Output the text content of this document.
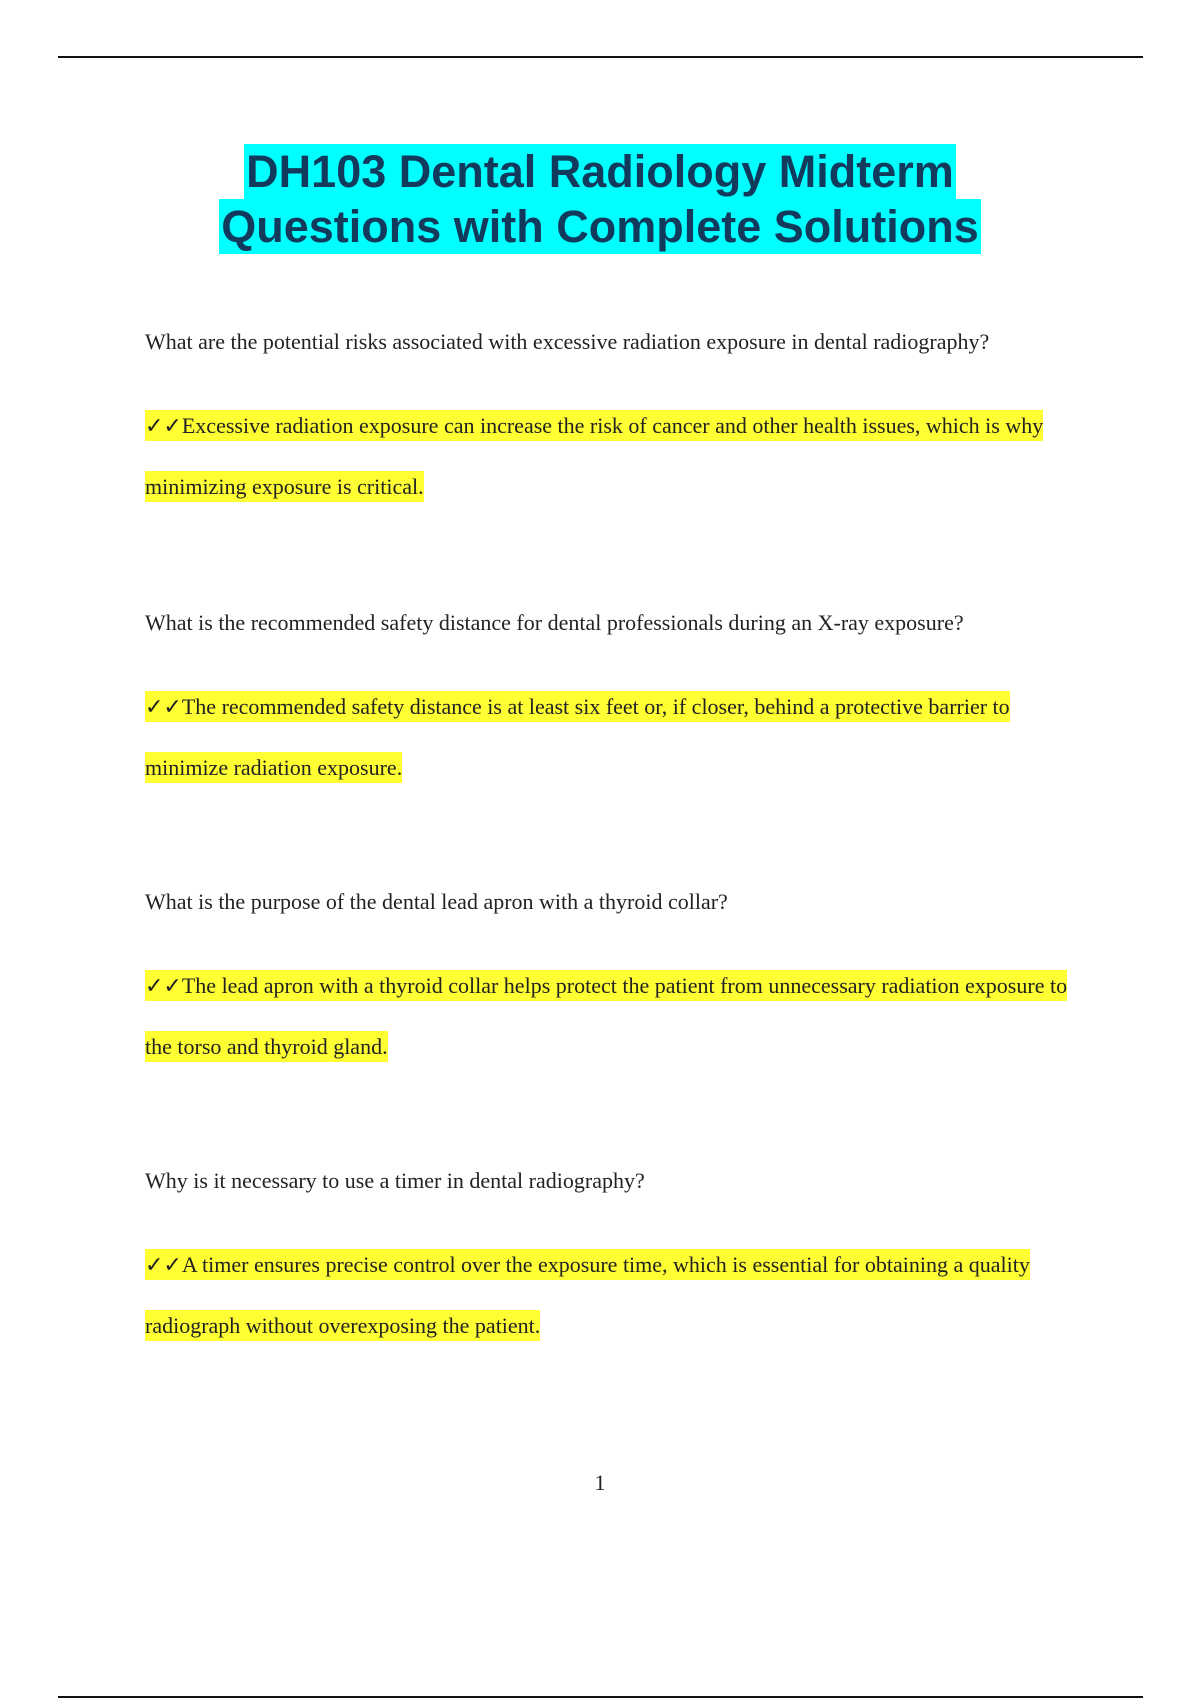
DH103 Dental Radiology Midterm
Questions with Complete Solutions

What are the potential risks associated with excessive radiation exposure in dental radiography?

✓✓Excessive radiation exposure can increase the risk of cancer and other health issues, which is why minimizing exposure is critical.

What is the recommended safety distance for dental professionals during an X-ray exposure?

✓✓The recommended safety distance is at least six feet or, if closer, behind a protective barrier to minimize radiation exposure.

What is the purpose of the dental lead apron with a thyroid collar?

✓✓The lead apron with a thyroid collar helps protect the patient from unnecessary radiation exposure to the torso and thyroid gland.

Why is it necessary to use a timer in dental radiography?

✓✓A timer ensures precise control over the exposure time, which is essential for obtaining a quality radiograph without overexposing the patient.

1
